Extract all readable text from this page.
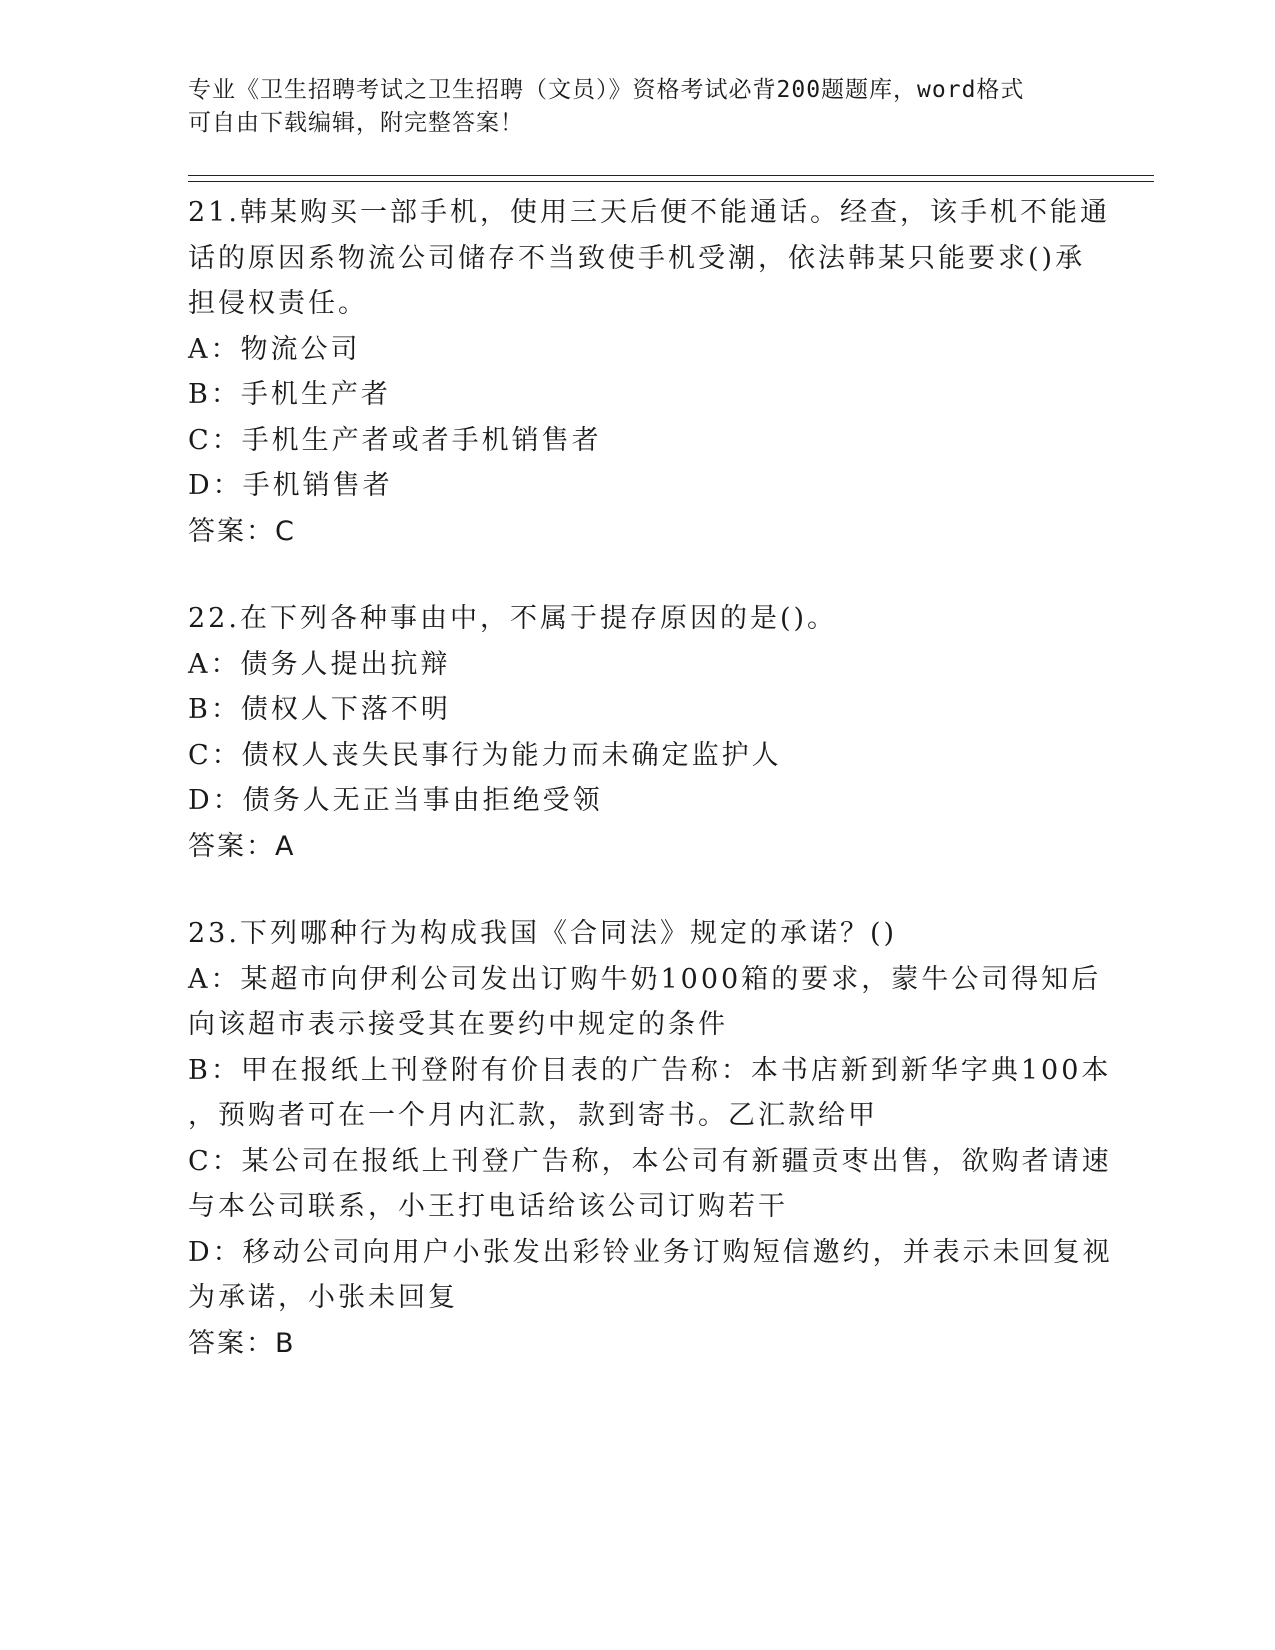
专业《卫生招聘考试之卫生招聘（文员）》资格考试必背200题题库，word格式
可自由下载编辑，附完整答案！
21.韩某购买一部手机，使用三天后便不能通话。经查，该手机不能通
话的原因系物流公司储存不当致使手机受潮，依法韩某只能要求()承
担侵权责任。
A：物流公司
B：手机生产者
C：手机生产者或者手机销售者
D：手机销售者
答案：C
22.在下列各种事由中，不属于提存原因的是()。
A：债务人提出抗辩
B：债权人下落不明
C：债权人丧失民事行为能力而未确定监护人
D：债务人无正当事由拒绝受领
答案：A
23.下列哪种行为构成我国《合同法》规定的承诺？()
A：某超市向伊利公司发出订购牛奶1000箱的要求，蒙牛公司得知后
向该超市表示接受其在要约中规定的条件
B：甲在报纸上刊登附有价目表的广告称：本书店新到新华字典100本
，预购者可在一个月内汇款，款到寄书。乙汇款给甲
C：某公司在报纸上刊登广告称，本公司有新疆贡枣出售，欲购者请速
与本公司联系，小王打电话给该公司订购若干
D：移动公司向用户小张发出彩铃业务订购短信邀约，并表示未回复视
为承诺，小张未回复
答案：B
